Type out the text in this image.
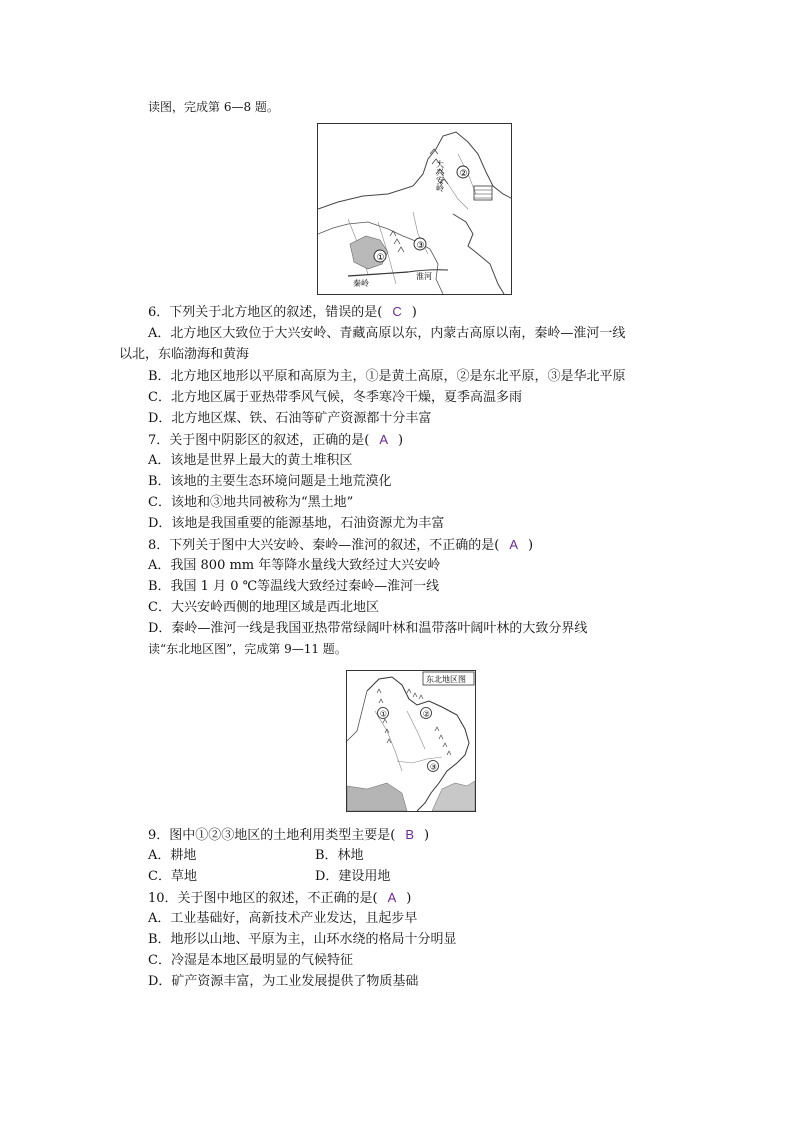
读图，完成第 6—8 题。
①
②
③
大兴安岭
秦岭
淮河
6．下列关于北方地区的叙述，错误的是( C )
A．北方地区大致位于大兴安岭、青藏高原以东，内蒙古高原以南，秦岭—淮河一线
以北，东临渤海和黄海
B．北方地区地形以平原和高原为主，①是黄土高原，②是东北平原，③是华北平原
C．北方地区属于亚热带季风气候，冬季寒冷干燥，夏季高温多雨
D．北方地区煤、铁、石油等矿产资源都十分丰富
7．关于图中阴影区的叙述，正确的是( A )
A．该地是世界上最大的黄土堆积区
B．该地的主要生态环境问题是土地荒漠化
C．该地和③地共同被称为“黑土地”
D．该地是我国重要的能源基地，石油资源尤为丰富
8．下列关于图中大兴安岭、秦岭—淮河的叙述，不正确的是( A )
A．我国 800 mm 年等降水量线大致经过大兴安岭
B．我国 1 月 0 ℃等温线大致经过秦岭—淮河一线
C．大兴安岭西侧的地理区域是西北地区
D．秦岭—淮河一线是我国亚热带常绿阔叶林和温带落叶阔叶林的大致分界线
读“东北地区图”，完成第 9—11 题。
东北地区图
①	②
③
9．图中①②③地区的土地利用类型主要是( B )
A．耕地	B．林地
C．草地	D．建设用地
10．关于图中地区的叙述，不正确的是( A )
A．工业基础好，高新技术产业发达，且起步早
B．地形以山地、平原为主，山环水绕的格局十分明显
C．冷湿是本地区最明显的气候特征
D．矿产资源丰富，为工业发展提供了物质基础
